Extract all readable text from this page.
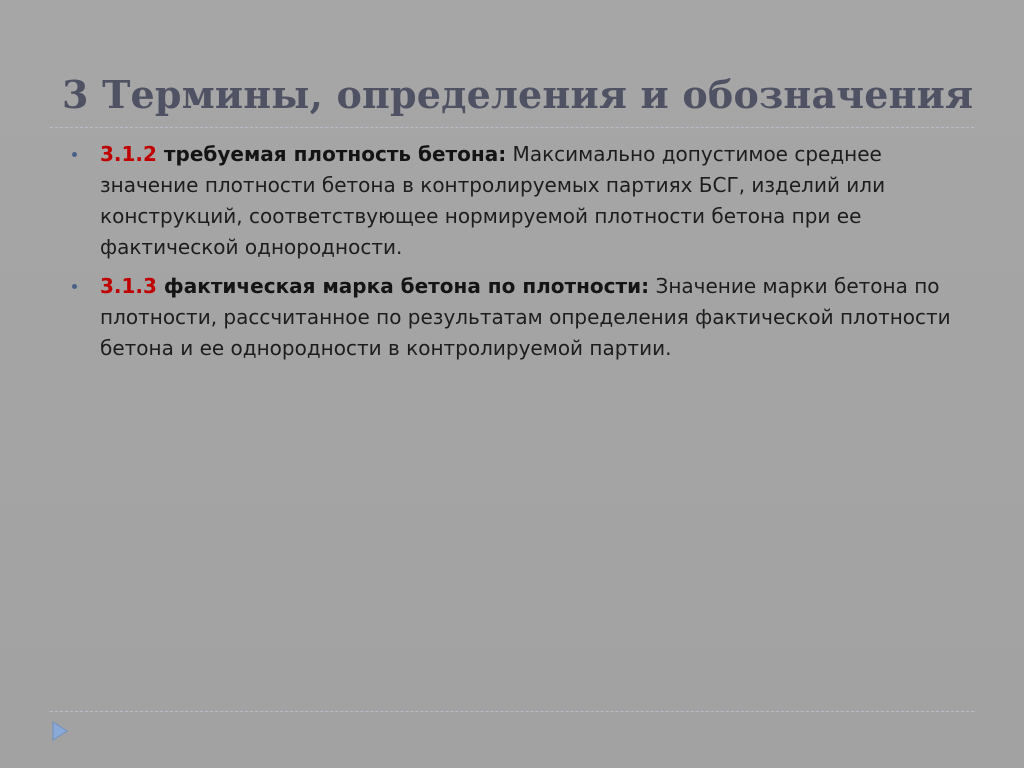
3 Термины, определения и обозначения
3.1.2 требуемая плотность бетона: Максимально допустимое среднее значение плотности бетона в контролируемых партиях БСГ, изделий или конструкций, соответствующее нормируемой плотности бетона при ее фактической однородности.
3.1.3 фактическая марка бетона по плотности: Значение марки бетона по плотности, рассчитанное по результатам определения фактической плотности бетона и ее однородности в контролируемой партии.
